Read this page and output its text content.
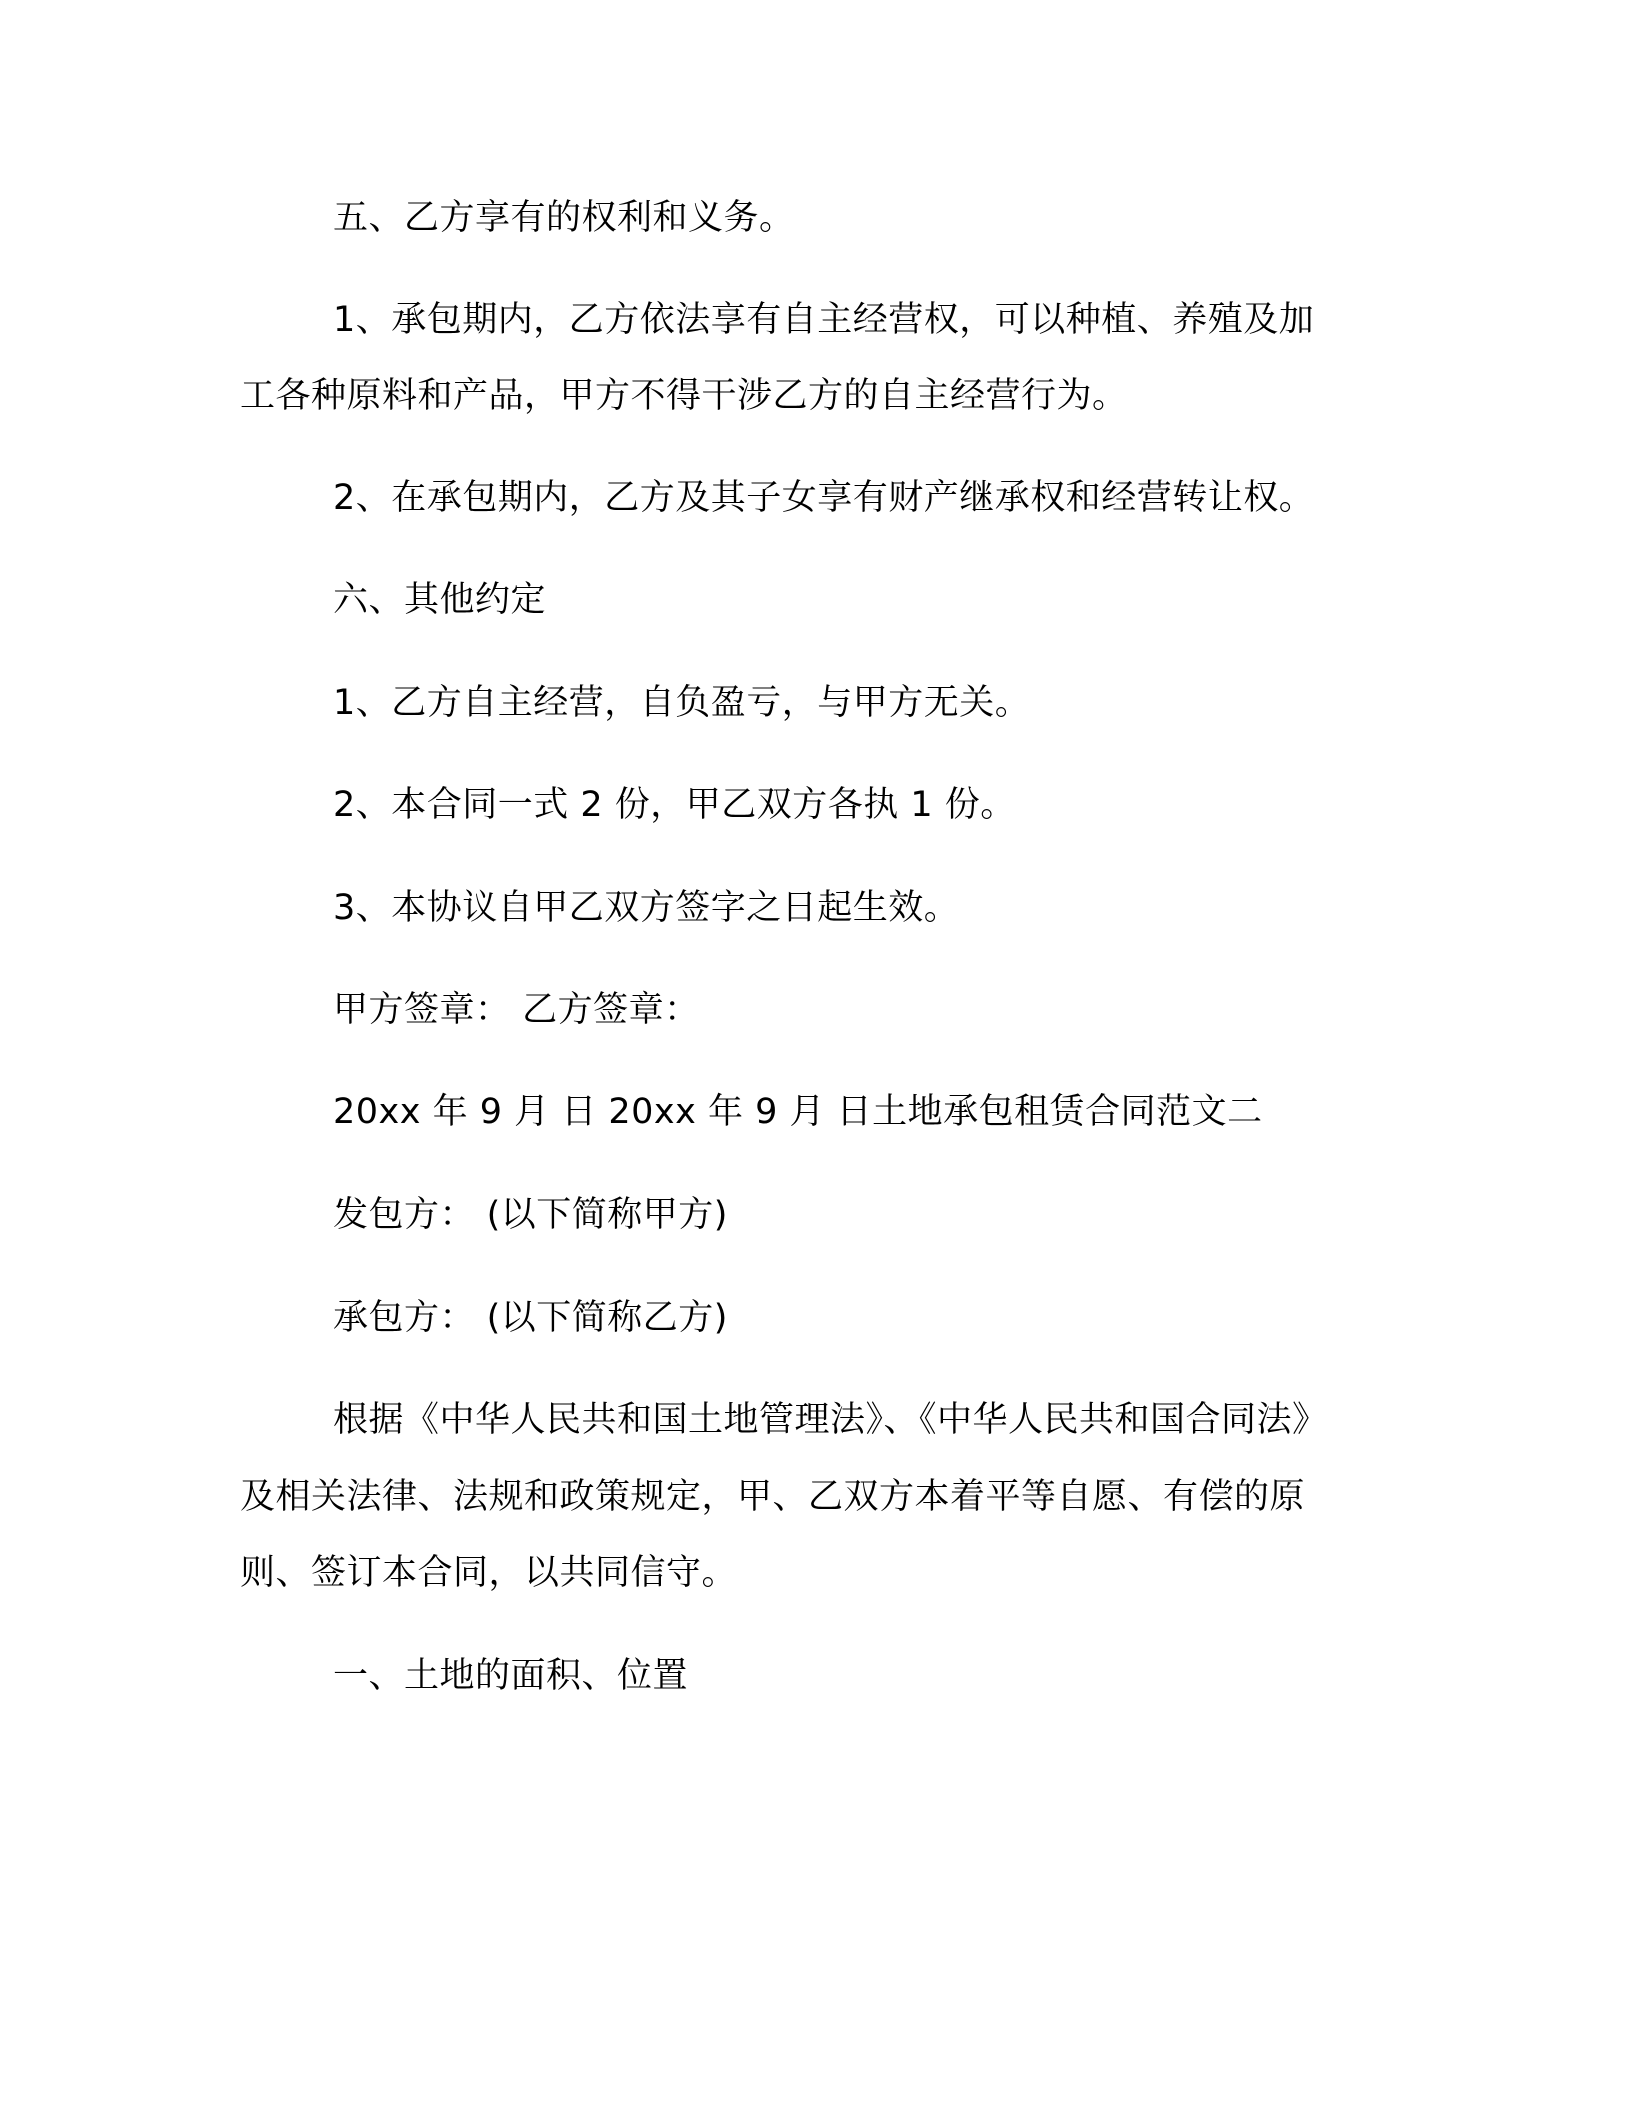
五、乙方享有的权利和义务。

1、承包期内，乙方依法享有自主经营权，可以种植、养殖及加

工各种原料和产品，甲方不得干涉乙方的自主经营行为。

2、在承包期内，乙方及其子女享有财产继承权和经营转让权。

六、其他约定

1、乙方自主经营，自负盈亏，与甲方无关。

2、本合同一式 2 份，甲乙双方各执 1 份。

3、本协议自甲乙双方签字之日起生效。

甲方签章： 乙方签章：

20xx 年 9 月 日 20xx 年 9 月 日土地承包租赁合同范文二

发包方： (以下简称甲方)

承包方： (以下简称乙方)

根据《中华人民共和国土地管理法》、《中华人民共和国合同法》

及相关法律、法规和政策规定，甲、乙双方本着平等自愿、有偿的原

则、签订本合同，以共同信守。

一、土地的面积、位置
